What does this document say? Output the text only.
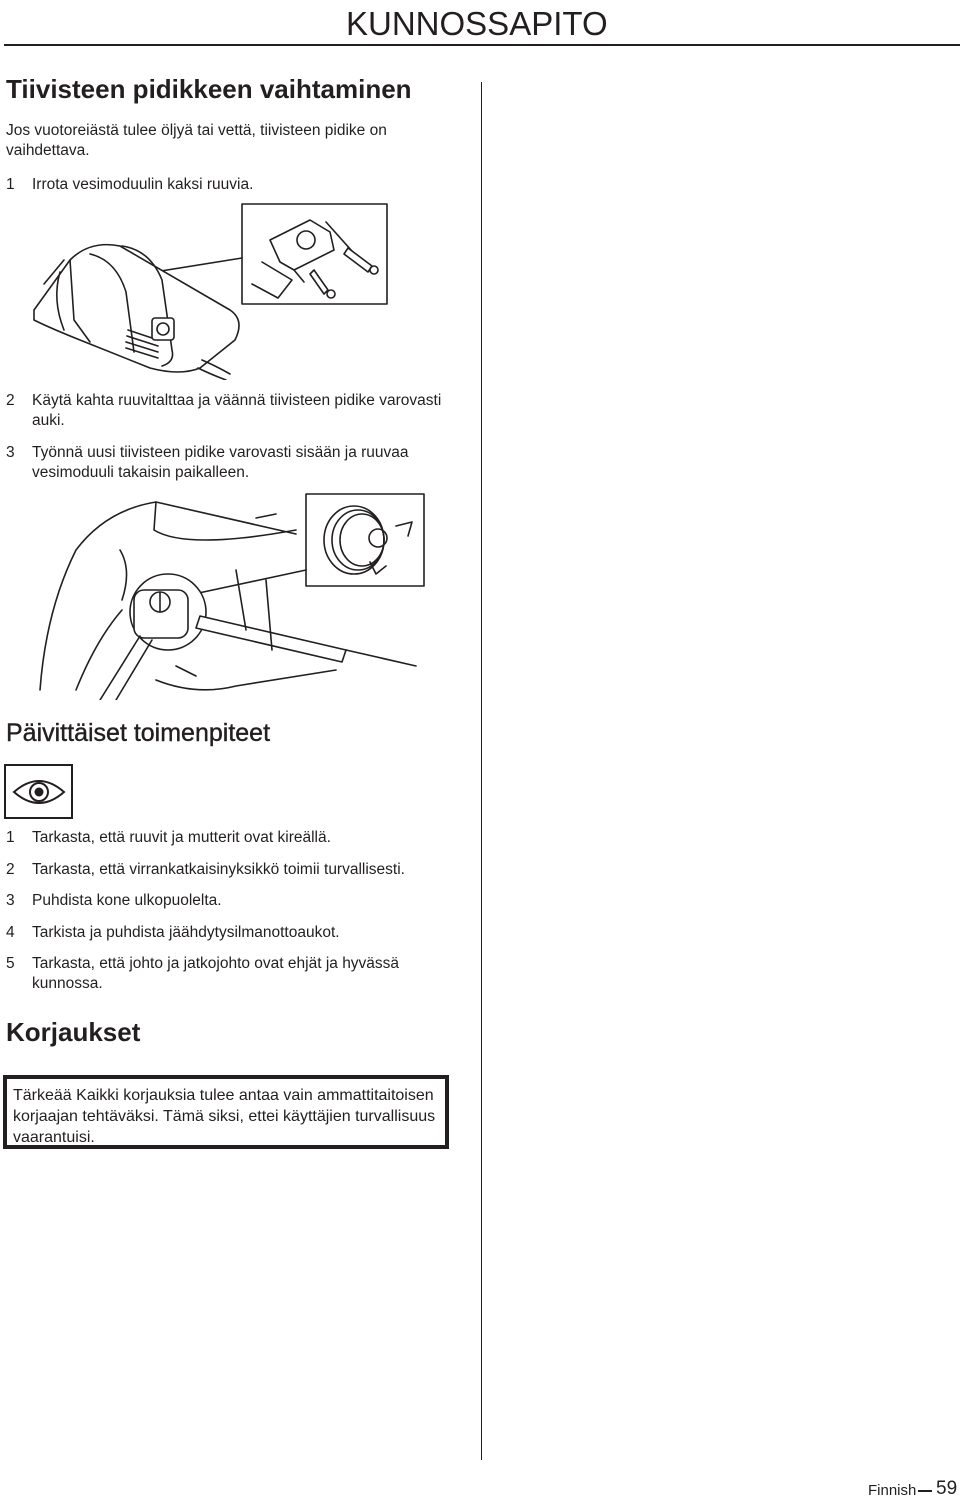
KUNNOSSAPITO
Tiivisteen pidikkeen vaihtaminen
Jos vuotoreiästä tulee öljyä tai vettä, tiivisteen pidike on vaihdettava.
1	Irrota vesimoduulin kaksi ruuvia.
2	Käytä kahta ruuvitalttaa ja väännä tiivisteen pidike varovasti auki.
3	Työnnä uusi tiivisteen pidike varovasti sisään ja ruuvaa vesimoduuli takaisin paikalleen.
Päivittäiset toimenpiteet
1	Tarkasta, että ruuvit ja mutterit ovat kireällä.
2	Tarkasta, että virrankatkaisinyksikkö toimii turvallisesti.
3	Puhdista kone ulkopuolelta.
4	Tarkista ja puhdista jäähdytysilmanottoaukot.
5	Tarkasta, että johto ja jatkojohto ovat ehjät ja hyvässä kunnossa.
Korjaukset
Tärkeää Kaikki korjauksia tulee antaa vain ammattitaitoisen korjaajan tehtäväksi. Tämä siksi, ettei käyttäjien turvallisuus vaarantuisi.
Finnish 59
